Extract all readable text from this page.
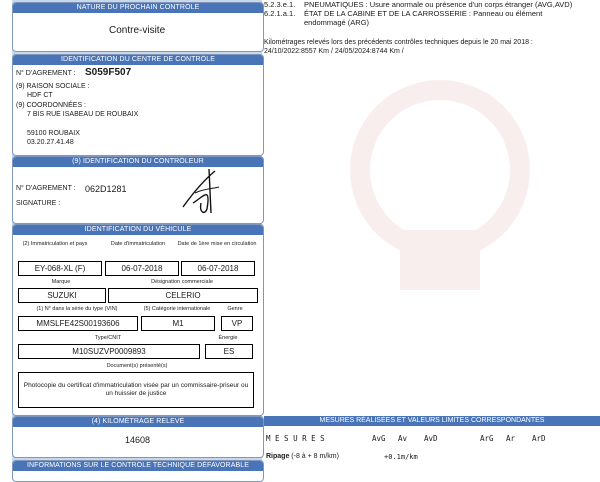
NATURE DU PROCHAIN CONTRÔLE
Contre-visite
IDENTIFICATION DU CENTRE DE CONTRÔLE
N° D'AGREMENT : S059F507
(9) RAISON SOCIALE :
HDF CT
(9) COORDONNÉES :
7 BIS RUE ISABEAU DE ROUBAIX
59100 ROUBAIX
03.20.27.41.48
(9) IDENTIFICATION DU CONTRÔLEUR
N° D'AGREMENT : 062D1281
SIGNATURE :
IDENTIFICATION DU VÉHICULE
(2) Immatriculation et pays	Date d'immatriculation	Date de 1ère mise en circulation
EY-068-XL (F)	06-07-2018	06-07-2018
Marque	Désignation commerciale
SUZUKI	CELERIO
(1) N° dans la série du type (VIN)	(5) Catégorie internationale	Genre
MMSLFE42S00193606	M1	VP
Type/CNIT	Énergie
M10SUZVP0009893	ES
Document(s) présenté(s)
Photocopie du certificat d'immatriculation visée par un commissaire-priseur ou un huissier de justice
(4) KILOMÉTRAGE RELEVÉ
14608
INFORMATIONS SUR LE CONTRÔLE TECHNIQUE DÉFAVORABLE
5.2.3.e.1.	PNEUMATIQUES : Usure anormale ou présence d'un corps étranger (AVG,AVD)
6.2.1.a.1.	ÉTAT DE LA CABINE ET DE LA CARROSSERIE : Panneau ou élément endommagé (ARG)
Kilométrages relevés lors des précédents contrôles techniques depuis le 20 mai 2018 : 24/10/2022:8557 Km / 24/05/2024:8744 Km /
MESURES RÉALISÉES ET VALEURS LIMITES CORRESPONDANTES
M E S U R E S	AvG Av AvD	ArG Ar ArD
Ripage (-8 à + 8 m/km)	+0.1m/km
